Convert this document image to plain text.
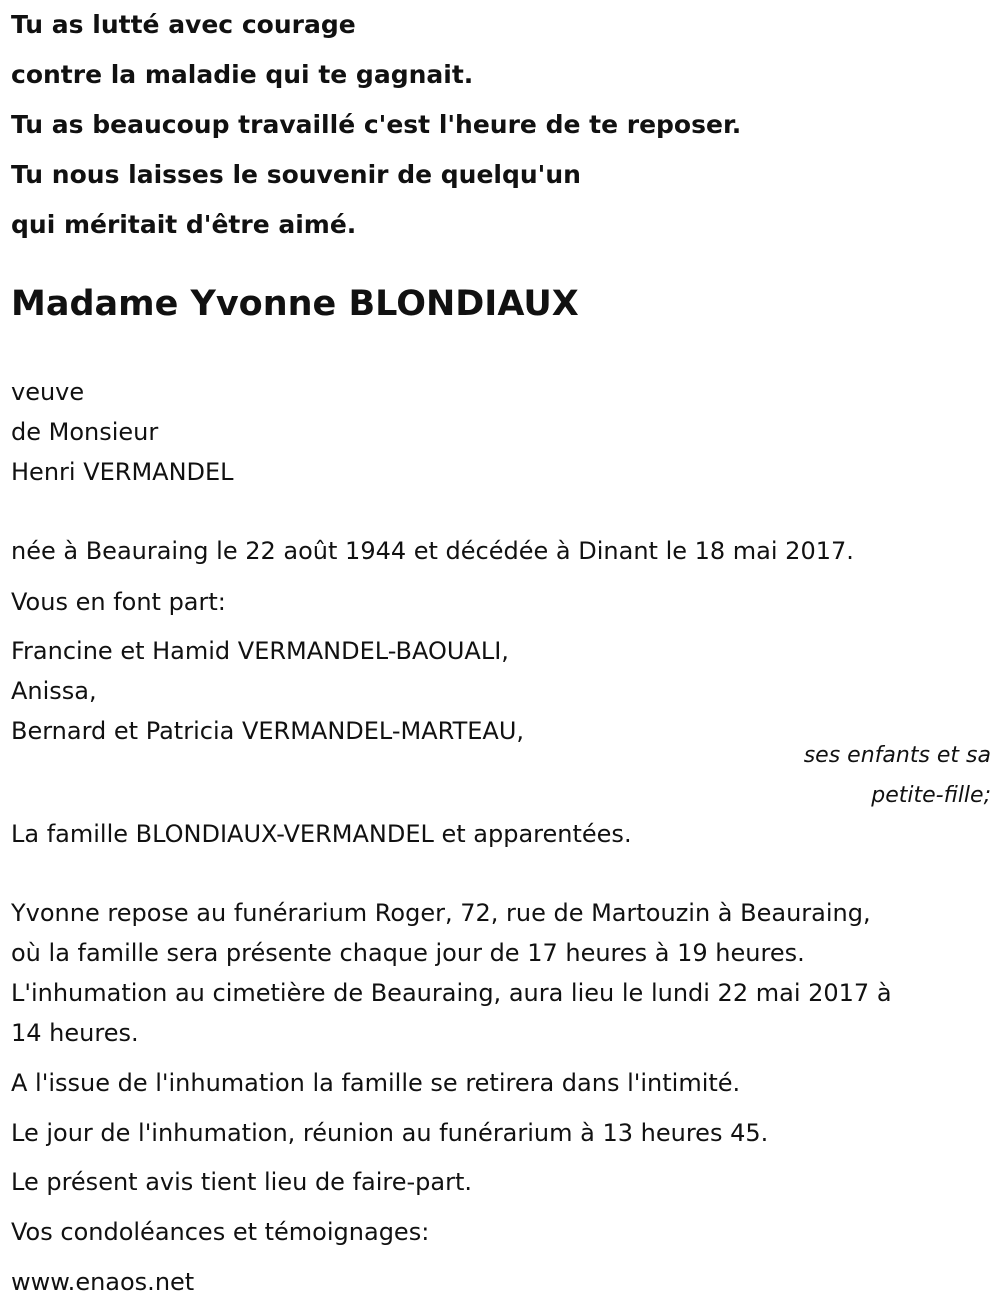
Tu as lutté avec courage
contre la maladie qui te gagnait.
Tu as beaucoup travaillé c'est l'heure de te reposer.
Tu nous laisses le souvenir de quelqu'un
qui méritait d'être aimé.
Madame Yvonne BLONDIAUX
veuve
de Monsieur
Henri VERMANDEL
née à Beauraing le 22 août 1944 et décédée à Dinant le 18 mai 2017.
Vous en font part:
Francine et Hamid VERMANDEL-BAOUALI,
Anissa,
Bernard et Patricia VERMANDEL-MARTEAU,
ses enfants et sa
petite-fille;
La famille BLONDIAUX-VERMANDEL et apparentées.
Yvonne repose au funérarium Roger, 72, rue de Martouzin à Beauraing,
où la famille sera présente chaque jour de 17 heures à 19 heures.
L'inhumation au cimetière de Beauraing, aura lieu le lundi 22 mai 2017 à
14 heures.
A l'issue de l'inhumation la famille se retirera dans l'intimité.
Le jour de l'inhumation, réunion au funérarium à 13 heures 45.
Le présent avis tient lieu de faire-part.
Vos condoléances et témoignages:
www.enaos.net
